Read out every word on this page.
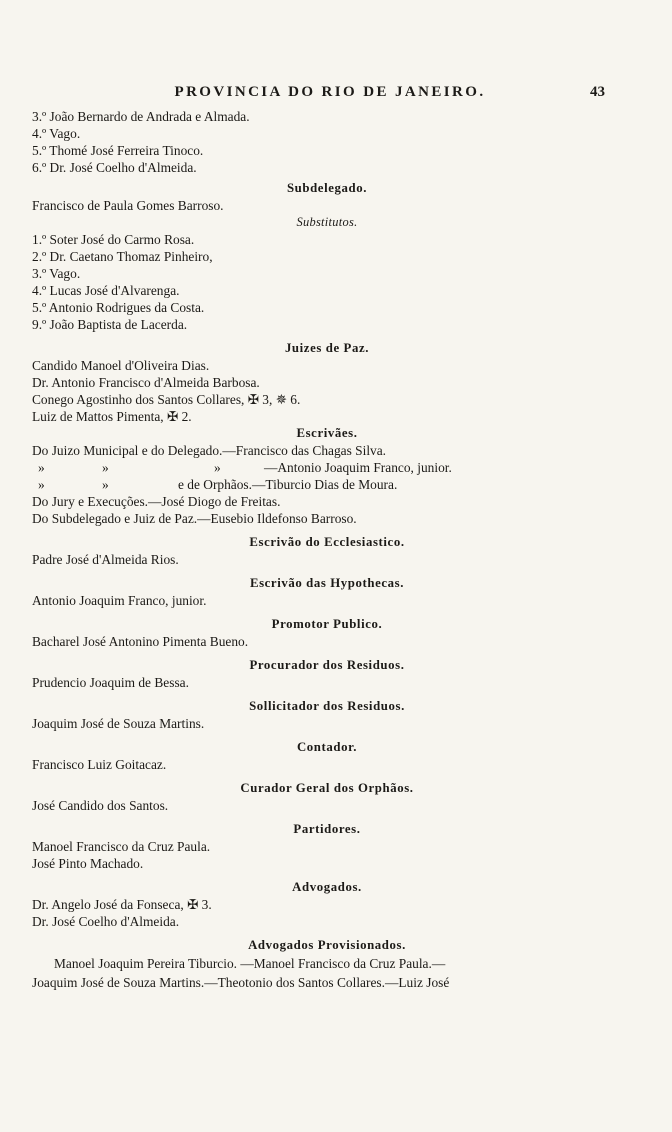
PROVINCIA DO RIO DE JANEIRO.	43
3.º João Bernardo de Andrada e Almada.
4.º Vago.
5.º Thomé José Ferreira Tinoco.
6.º Dr. José Coelho d'Almeida.
Subdelegado.
Francisco de Paula Gomes Barroso.
Substitutos.
1.º Soter José do Carmo Rosa.
2.º Dr. Caetano Thomaz Pinheiro,
3.º Vago.
4.º Lucas José d'Alvarenga.
5.º Antonio Rodrigues da Costa.
9.º João Baptista de Lacerda.
Juizes de Paz.
Candido Manoel d'Oliveira Dias.
Dr. Antonio Francisco d'Almeida Barbosa.
Conego Agostinho dos Santos Collares, ✠ 3, ✵ 6.
Luiz de Mattos Pimenta, ✠ 2.
Escrivães.
Do Juizo Municipal e do Delegado.—Francisco das Chagas Silva.
»	»	»	—Antonio Joaquim Franco, junior.
»	»	e de Orphãos.—Tiburcio Dias de Moura.
Do Jury e Execuções.—José Diogo de Freitas.
Do Subdelegado e Juiz de Paz.—Eusebio Ildefonso Barroso.
Escrivão do Ecclesiastico.
Padre José d'Almeida Rios.
Escrivão das Hypothecas.
Antonio Joaquim Franco, junior.
Promotor Publico.
Bacharel José Antonino Pimenta Bueno.
Procurador dos Residuos.
Prudencio Joaquim de Bessa.
Sollicitador dos Residuos.
Joaquim José de Souza Martins.
Contador.
Francisco Luiz Goitacaz.
Curador Geral dos Orphãos.
José Candido dos Santos.
Partidores.
Manoel Francisco da Cruz Paula.
José Pinto Machado.
Advogados.
Dr. Angelo José da Fonseca, ✠ 3.
Dr. José Coelho d'Almeida.
Advogados Provisionados.
Manoel Joaquim Pereira Tiburcio. —Manoel Francisco da Cruz Paula.—
Joaquim José de Souza Martins.—Theotonio dos Santos Collares.—Luiz José
